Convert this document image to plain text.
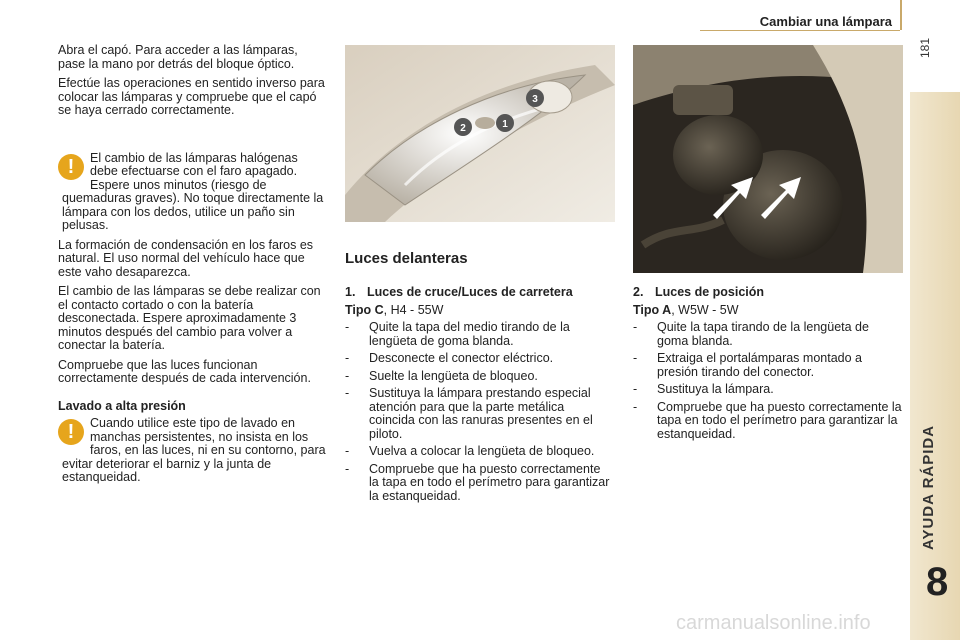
Cambiar una lámpara
181
AYUDA RÁPIDA
8

Abra el capó. Para acceder a las lámparas, pase la mano por detrás del bloque óptico.

Efectúe las operaciones en sentido inverso para colocar las lámparas y compruebe que el capó se haya cerrado correctamente.

!	El cambio de las lámparas halógenas debe efectuarse con el faro apagado. Espere unos minutos (riesgo de quemaduras graves). No toque directamente la lámpara con los dedos, utilice un paño sin pelusas.

La formación de condensación en los faros es natural. El uso normal del vehículo hace que este vaho desaparezca.

El cambio de las lámparas se debe realizar con el contacto cortado o con la batería desconectada. Espere aproximadamente 3 minutos después del cambio para volver a conectar la batería.

Compruebe que las luces funcionan correctamente después de cada intervención.

Lavado a alta presión
!	Cuando utilice este tipo de lavado en manchas persistentes, no insista en los faros, en las luces, ni en su contorno, para evitar deteriorar el barniz y la junta de estanqueidad.

2	1
3
Luces delanteras
1. Luces de cruce/Luces de carretera
Tipo C, H4 - 55W
-	Quite la tapa del medio tirando de la lengüeta de goma blanda.
-	Desconecte el conector eléctrico.
-	Suelte la lengüeta de bloqueo.
-	Sustituya la lámpara prestando especial atención para que la parte metálica coincida con las ranuras presentes en el piloto.
-	Vuelva a colocar la lengüeta de bloqueo.
-	Compruebe que ha puesto correctamente la tapa en todo el perímetro para garantizar la estanqueidad.
2. Luces de posición
Tipo A, W5W - 5W
-	Quite la tapa tirando de la lengüeta de goma blanda.
-	Extraiga el portalámparas montado a presión tirando del conector.
-	Sustituya la lámpara.
-	Compruebe que ha puesto correctamente la tapa en todo el perímetro para garantizar la estanqueidad.
carmanualsonline.info
